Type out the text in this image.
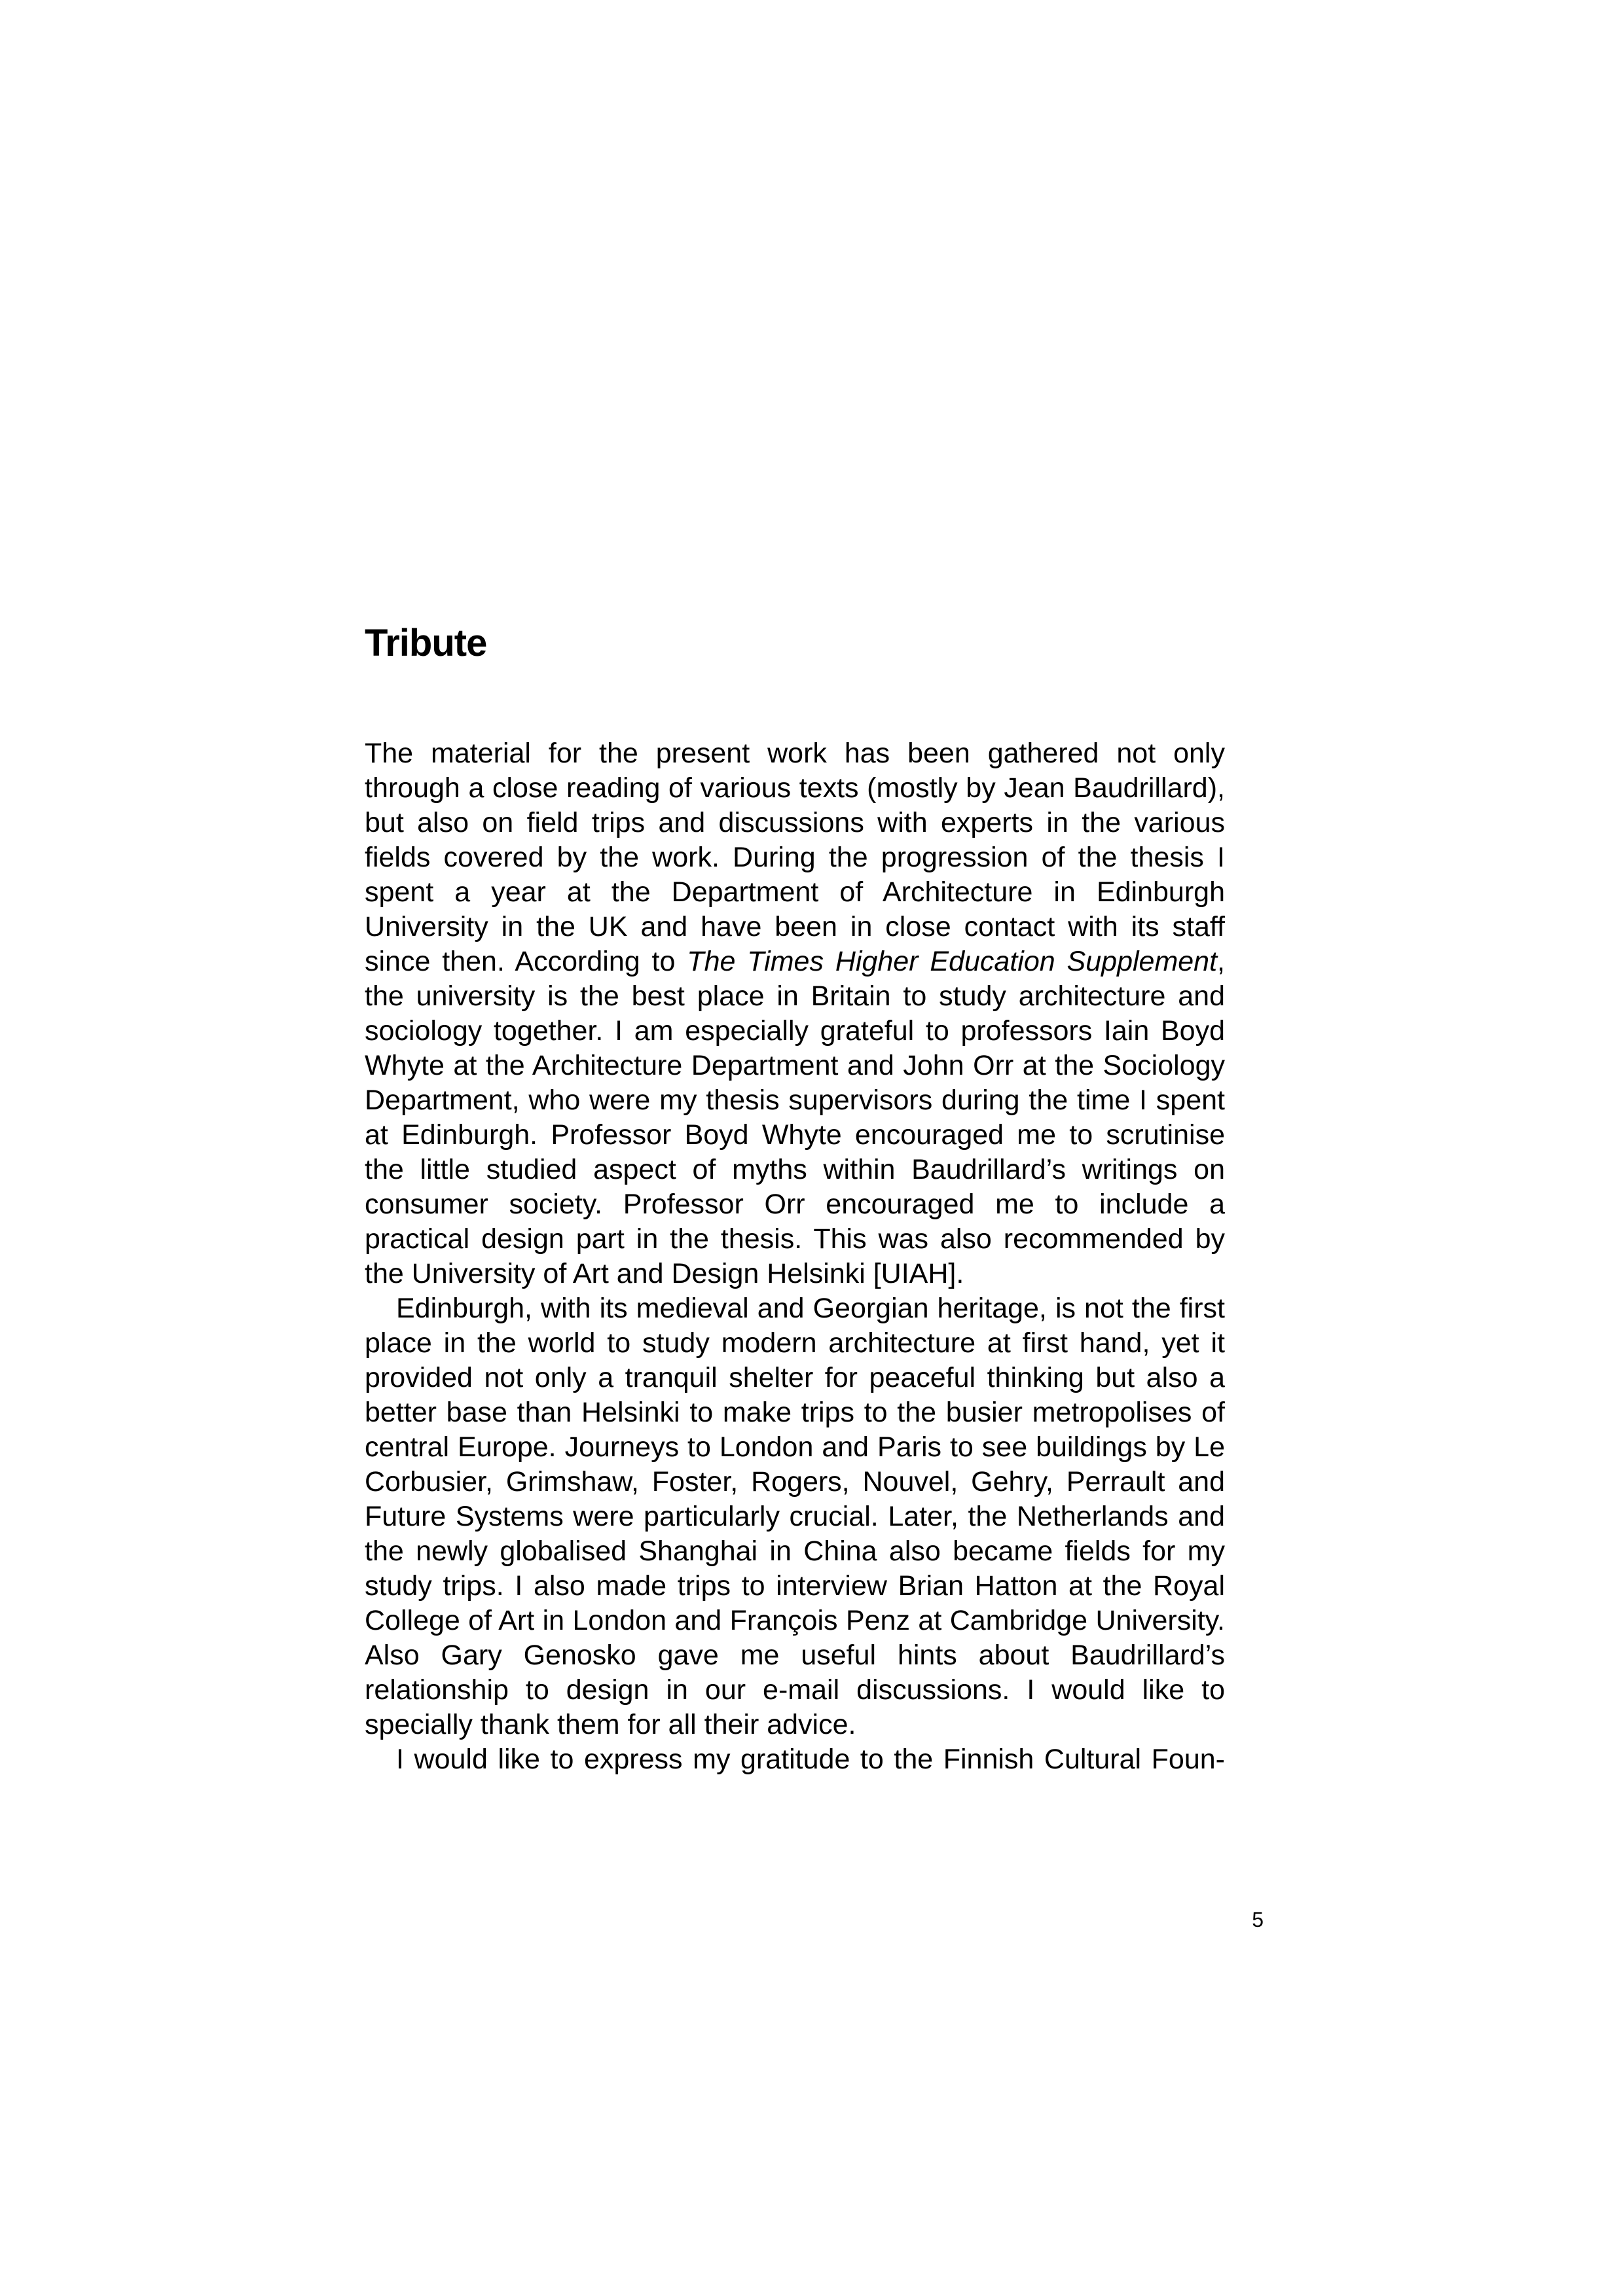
Tribute

The material for the present work has been gathered not only through a close reading of various texts (mostly by Jean Baudrillard), but also on field trips and discussions with experts in the various fields covered by the work. During the progression of the thesis I spent a year at the Department of Architecture in Edinburgh University in the UK and have been in close contact with its staff since then. According to The Times Higher Education Supplement, the university is the best place in Britain to study architecture and sociology together. I am especially grateful to professors Iain Boyd Whyte at the Architecture Department and John Orr at the Sociology Department, who were my thesis supervisors during the time I spent at Edinburgh. Professor Boyd Whyte encouraged me to scrutinise the little studied aspect of myths within Baudrillard’s writings on consumer society. Professor Orr encouraged me to include a practical design part in the thesis. This was also recommended by the University of Art and Design Helsinki [UIAH].

Edinburgh, with its medieval and Georgian heritage, is not the first place in the world to study modern architecture at first hand, yet it provided not only a tranquil shelter for peaceful thinking but also a better base than Helsinki to make trips to the busier metropolises of central Europe. Journeys to London and Paris to see buildings by Le Corbusier, Grimshaw, Foster, Rogers, Nouvel, Gehry, Perrault and Future Systems were particularly crucial. Later, the Netherlands and the newly globalised Shanghai in China also became fields for my study trips. I also made trips to interview Brian Hatton at the Royal College of Art in London and François Penz at Cambridge University. Also Gary Genosko gave me useful hints about Baudrillard’s relationship to design in our e-mail discussions. I would like to specially thank them for all their advice.

I would like to express my gratitude to the Finnish Cultural Foun-

5
